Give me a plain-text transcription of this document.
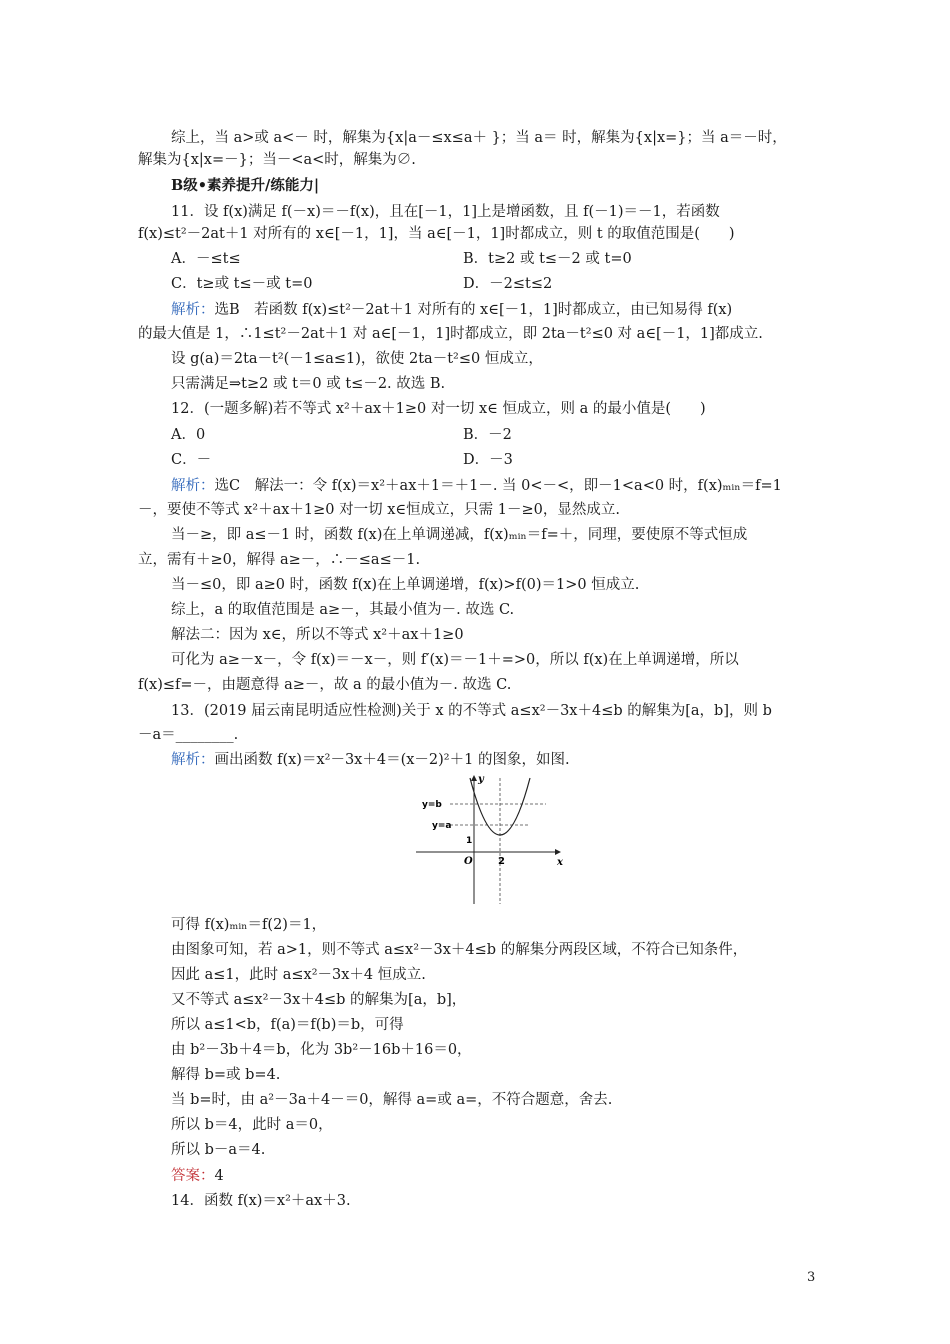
综上，当 a>或 a<－ 时，解集为{x|a－≤x≤a＋ }；当 a＝ 时，解集为{x|x=}；当 a＝－时，
解集为{x|x=－}；当－<a<时，解集为∅.
B级•素养提升/练能力|
11．设 f(x)满足 f(－x)＝－f(x)，且在[－1，1]上是增函数，且 f(－1)＝－1，若函数
f(x)≤t²－2at＋1 对所有的 x∈[－1，1]，当 a∈[－1，1]时都成立，则 t 的取值范围是(　　)
A．－≤t≤	B．t≥2 或 t≤－2 或 t=0
C．t≥或 t≤－或 t=0	D．－2≤t≤2
解析：选B　若函数 f(x)≤t²－2at＋1 对所有的 x∈[－1，1]时都成立，由已知易得 f(x)
的最大值是 1，∴1≤t²－2at＋1 对 a∈[－1，1]时都成立，即 2ta－t²≤0 对 a∈[－1，1]都成立.
设 g(a)＝2ta－t²(－1≤a≤1)，欲使 2ta－t²≤0 恒成立，
只需满足⇒t≥2 或 t＝0 或 t≤－2. 故选 B.
12．(一题多解)若不等式 x²＋ax＋1≥0 对一切 x∈ 恒成立，则 a 的最小值是(　　)
A．0	B．－2
C．－	D．－3
解析：选C　解法一：令 f(x)＝x²＋ax＋1＝＋1－. 当 0<－<，即－1<a<0 时，f(x)ₘᵢₙ＝f=1
－，要使不等式 x²＋ax＋1≥0 对一切 x∈恒成立，只需 1－≥0，显然成立.
当－≥，即 a≤－1 时，函数 f(x)在上单调递减，f(x)ₘᵢₙ＝f=＋，同理，要使原不等式恒成
立，需有＋≥0，解得 a≥－，∴－≤a≤－1.
当－≤0，即 a≥0 时，函数 f(x)在上单调递增，f(x)>f(0)＝1>0 恒成立.
综上，a 的取值范围是 a≥－，其最小值为－. 故选 C.
解法二：因为 x∈，所以不等式 x²＋ax＋1≥0
可化为 a≥－x－，令 f(x)＝－x－，则 f′(x)＝－1＋=>0，所以 f(x)在上单调递增，所以
f(x)≤f=－，由题意得 a≥－，故 a 的最小值为－. 故选 C.
13．(2019 届云南昆明适应性检测)关于 x 的不等式 a≤x²－3x＋4≤b 的解集为[a，b]，则 b
－a＝________.
解析：画出函数 f(x)＝x²－3x＋4＝(x－2)²＋1 的图象，如图.
可得 f(x)ₘᵢₙ＝f(2)＝1，
由图象可知，若 a>1，则不等式 a≤x²－3x＋4≤b 的解集分两段区域，不符合已知条件，
因此 a≤1，此时 a≤x²－3x＋4 恒成立.
又不等式 a≤x²－3x＋4≤b 的解集为[a，b]，
所以 a≤1<b，f(a)＝f(b)＝b，可得
由 b²－3b＋4＝b，化为 3b²－16b＋16＝0，
解得 b=或 b=4.
当 b=时，由 a²－3a＋4－＝0，解得 a=或 a=，不符合题意，舍去.
所以 b＝4，此时 a＝0，
所以 b－a＝4.
答案：4
14．函数 f(x)＝x²＋ax＋3.
y=b
y=a
1
O	2	x
y
3
